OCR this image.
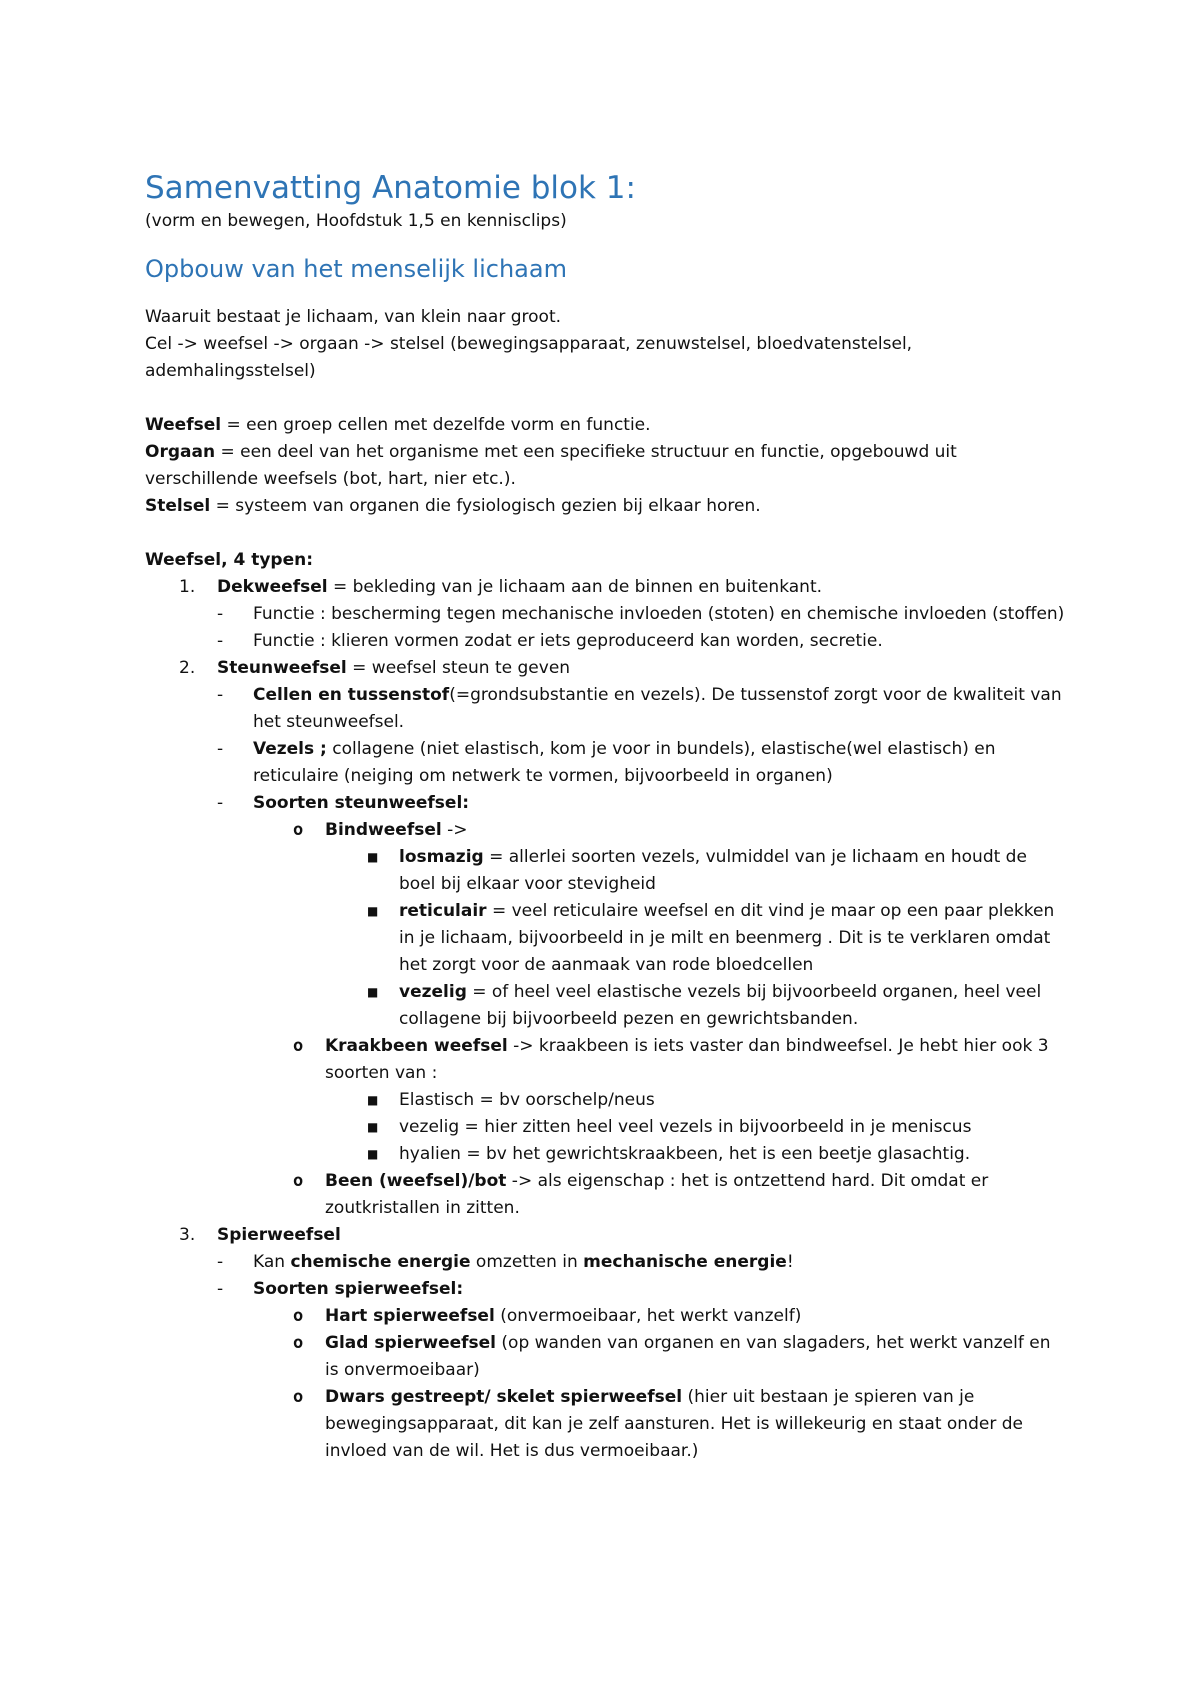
Samenvatting Anatomie blok 1:

(vorm en bewegen, Hoofdstuk 1,5 en kennisclips)

Opbouw van het menselijk lichaam

Waaruit bestaat je lichaam, van klein naar groot.

Cel -> weefsel -> orgaan -> stelsel (bewegingsapparaat, zenuwstelsel, bloedvatenstelsel, ademhalingsstelsel)

Weefsel = een groep cellen met dezelfde vorm en functie.

Orgaan = een deel van het organisme met een specifieke structuur en functie, opgebouwd uit verschillende weefsels (bot, hart, nier etc.).

Stelsel = systeem van organen die fysiologisch gezien bij elkaar horen.

Weefsel, 4 typen:

1.	Dekweefsel = bekleding van je lichaam aan de binnen en buitenkant.
-	Functie : bescherming tegen mechanische invloeden (stoten) en chemische invloeden (stoffen)
-	Functie : klieren vormen zodat er iets geproduceerd kan worden, secretie.
2.	Steunweefsel = weefsel steun te geven
-	Cellen en tussenstof(=grondsubstantie en vezels). De tussenstof zorgt voor de kwaliteit van het steunweefsel.
-	Vezels ; collagene (niet elastisch, kom je voor in bundels), elastische(wel elastisch) en reticulaire (neiging om netwerk te vormen, bijvoorbeeld in organen)
-	Soorten steunweefsel:
o	Bindweefsel ->
■	losmazig = allerlei soorten vezels, vulmiddel van je lichaam en houdt de boel bij elkaar voor stevigheid
■	reticulair = veel reticulaire weefsel en dit vind je maar op een paar plekken in je lichaam, bijvoorbeeld in je milt en beenmerg . Dit is te verklaren omdat het zorgt voor de aanmaak van rode bloedcellen
■	vezelig = of heel veel elastische vezels bij bijvoorbeeld organen, heel veel collagene bij bijvoorbeeld pezen en gewrichtsbanden.
o	Kraakbeen weefsel -> kraakbeen is iets vaster dan bindweefsel. Je hebt hier ook 3 soorten van :
■	Elastisch = bv oorschelp/neus
■	vezelig = hier zitten heel veel vezels in bijvoorbeeld in je meniscus
■	hyalien = bv het gewrichtskraakbeen, het is een beetje glasachtig.
o	Been (weefsel)/bot -> als eigenschap : het is ontzettend hard. Dit omdat er zoutkristallen in zitten.
3.	Spierweefsel
-	Kan chemische energie omzetten in mechanische energie!
-	Soorten spierweefsel:
o	Hart spierweefsel (onvermoeibaar, het werkt vanzelf)
o	Glad spierweefsel (op wanden van organen en van slagaders, het werkt vanzelf en is onvermoeibaar)
o	Dwars gestreept/ skelet spierweefsel (hier uit bestaan je spieren van je bewegingsapparaat, dit kan je zelf aansturen. Het is willekeurig en staat onder de invloed van de wil. Het is dus vermoeibaar.)
